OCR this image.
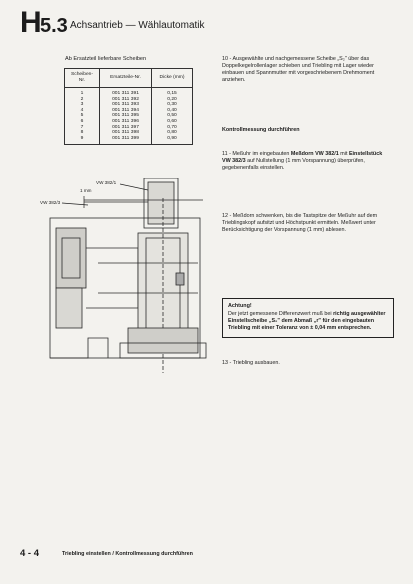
H 5.3 Achsantrieb — Wählautomatik
Ab Ersatzteil lieferbare Scheiben
Scheiben-Nr.	Ersatzteile-Nr.	Dicke (mm)
1	001 311 391	0,15
2	001 311 392	0,20
3	001 311 393	0,30
4	001 311 394	0,40
5	001 311 395	0,50
6	001 311 396	0,60
7	001 311 397	0,70
8	001 311 398	0,80
9	001 311 399	0,90
VW 382/1
1 mm
VW 382/3
10 - Ausgewählte und nachgemessene Scheibe „S₂" über das Doppelkegelrollenlager schieben und Triebling mit Lager wieder einbauen und Spannmutter mit vorgeschriebenem Drehmoment anziehen.
Kontrollmessung durchführen
11 - Meßuhr im eingebauten Meßdorn VW 382/1 mit Einstellstück VW 382/3 auf Nullstellung (1 mm Vorspannung) überprüfen, gegebenenfalls einstellen.
12 - Meßdorn schwenken, bis die Tastspitze der Meßuhr auf dem Trieblingskopf aufsitzt und Höchstpunkt ermitteln. Meßwert unter Berücksichtigung der Vorspannung (1 mm) ablesen.
Achtung!
Der jetzt gemessene Differenzwert muß bei richtig ausgewählter Einstellscheibe „S₂" dem Abmaß „r" für den eingebauten Triebling mit einer Toleranz von ± 0,04 mm entsprechen.
13 - Triebling ausbauen.
4 - 4	Triebling einstellen / Kontrollmessung durchführen
